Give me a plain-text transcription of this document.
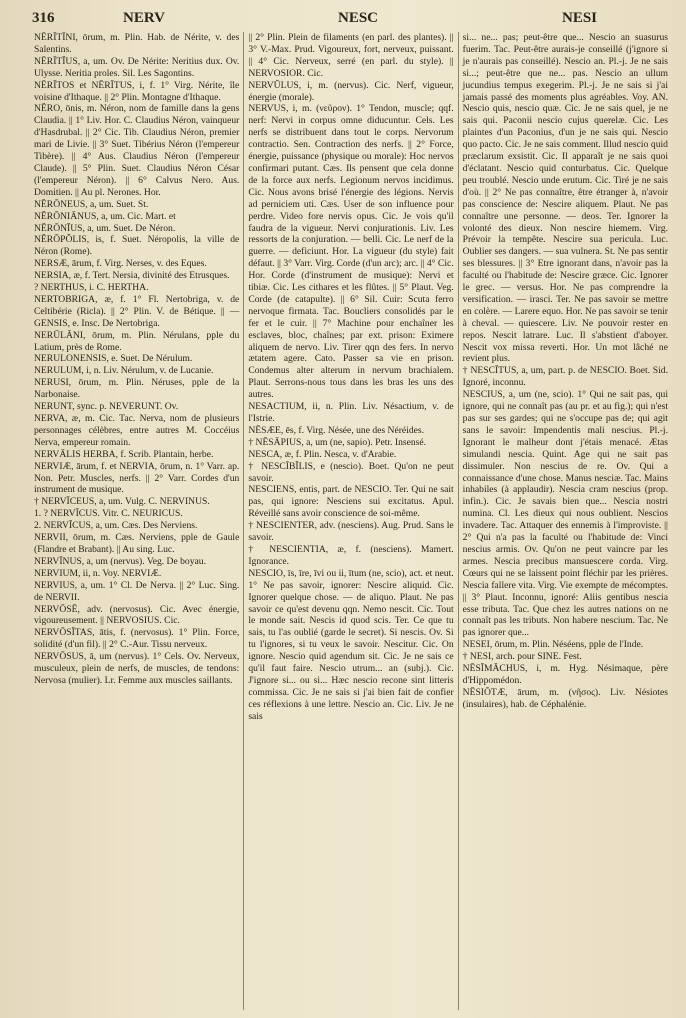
316	NERV	NESC	NESI

NĒRĪTĪNI, ōrum, m. Plin. Hab. de Nérite, v. des Salentins.

NĒRĪTĬUS, a, um. Ov. De Nérite: Neritius dux. Ov. Ulysse. Neritia proles. Sil. Les Sagontins.

NĒRĪTOS et NĒRĪTUS, i, f. 1° Virg. Nérite, île voisine d'Ithaque. || 2° Plin. Montagne d'Ithaque.

NĔRO, ōnis, m. Néron, nom de famille dans la gens Claudia. || 1° Liv. Hor. C. Claudius Néron, vainqueur d'Hasdrubal. || 2° Cic. Tib. Claudius Néron, premier mari de Livie. || 3° Suet. Tibérius Néron (l'empereur Tibère). || 4° Aus. Claudius Néron (l'empereur Claude). || 5° Plin. Suet. Claudius Néron César (l'empereur Néron). || 6° Calvus Nero. Aus. Domitien. || Au pl. Nerones. Hor.

NĔRŌNEUS, a, um. Suet. St.

NĔRŌNIĀNUS, a, um. Cic. Mart. et

NĔRŌNĬUS, a, um. Suet. De Néron.

NĔRŌPŎLIS, is, f. Suet. Néropolis, la ville de Néron (Rome).

NERSÆ, ārum, f. Virg. Nerses, v. des Eques.

NERSIA, æ, f. Tert. Nersia, divinité des Etrusques.

? NERTHUS, i. C. HERTHA.

NERTOBRIGA, æ, f. 1° Fl. Nertobriga, v. de Celtibérie (Ricla). || 2° Plin. V. de Bétique. || — GENSIS, e. Insc. De Nertobriga.

NERŪLĀNI, ōrum, m. Plin. Nérulans, pple du Latium, près de Rome.

NERULONENSIS, e. Suet. De Nérulum.

NERULUM, i, n. Liv. Nérulum, v. de Lucanie.

NERUSI, ōrum, m. Plin. Néruses, pple de la Narbonaise.

NERUNT, sync. p. NEVERUNT. Ov.

NERVA, æ, m. Cic. Tac. Nerva, nom de plusieurs personnages célèbres, entre autres M. Coccéius Nerva, empereur romain.

NERVĀLIS HERBA, f. Scrib. Plantain, herbe.

NERVIÆ, ārum, f. et NERVIA, ōrum, n. 1° Varr. ap. Non. Petr. Muscles, nerfs. || 2° Varr. Cordes d'un instrument de musique.

† NERVĪCEUS, a, um. Vulg. C. NERVINUS.

1. ? NERVĪCUS. Vitr. C. NEURICUS.

2. NERVĬCUS, a, um. Cæs. Des Nerviens.

NERVII, ōrum, m. Cæs. Nerviens, pple de Gaule (Flandre et Brabant). || Au sing. Luc.

NERVĪNUS, a, um (nervus). Veg. De boyau.

NERVIUM, ii, n. Voy. NERVIÆ.

NERVIUS, a, um. 1° Cl. De Nerva. || 2° Luc. Sing. de NERVII.

NERVŌSĒ, adv. (nervosus). Cic. Avec énergie, vigoureusement. || NERVOSIUS. Cic.

NERVŌSĬTAS, ātis, f. (nervosus). 1° Plin. Force, solidité (d'un fil). || 2° C.-Aur. Tissu nerveux.

NERVŌSUS, ā, um (nervus). 1° Cels. Ov. Nerveux, musculeux, plein de nerfs, de muscles, de tendons: Nervosa (mulier). Lr. Femme aux muscles saillants.

|| 2° Plin. Plein de filaments (en parl. des plantes). || 3° V.-Max. Prud. Vigoureux, fort, nerveux, puissant. || 4° Cic. Nerveux, serré (en parl. du style). || NERVOSIOR. Cic.

NERVŬLUS, i, m. (nervus). Cic. Nerf, vigueur, énergie (morale).

NERVUS, i, m. (νεῦρον). 1° Tendon, muscle; qqf. nerf: Nervi in corpus omne diducuntur. Cels. Les nerfs se distribuent dans tout le corps. Nervorum contractio. Sen. Contraction des nerfs. || 2° Force, énergie, puissance (physique ou morale): Hoc nervos confirmari putant. Cæs. Ils pensent que cela donne de la force aux nerfs. Legionum nervos incidimus. Cic. Nous avons brisé l'énergie des légions. Nervis ad perniciem uti. Cæs. User de son influence pour perdre. Video fore nervis opus. Cic. Je vois qu'il faudra de la vigueur. Nervi conjurationis. Liv. Les ressorts de la conjuration. — belli. Cic. Le nerf de la guerre. — deficiunt. Hor. La vigueur (du style) fait défaut. || 3° Varr. Virg. Corde (d'un arc); arc. || 4° Cic. Hor. Corde (d'instrument de musique): Nervi et tibiæ. Cic. Les cithares et les flûtes. || 5° Plaut. Veg. Corde (de catapulte). || 6° Sil. Cuir: Scuta ferro nervoque firmata. Tac. Boucliers consolidés par le fer et le cuir. || 7° Machine pour enchaîner les esclaves, bloc, chaînes; par ext. prison: Eximere aliquem de nervo. Liv. Tirer qqn des fers. In nervo ætatem agere. Cato. Passer sa vie en prison. Condemus alter alterum in nervum brachialem. Plaut. Serrons-nous tous dans les bras les uns des autres.

NESACTIUM, ii, n. Plin. Liv. Nésactium, v. de l'Istrie.

NĒSÆE, ēs, f. Virg. Nésée, une des Néréides.

† NĒSĀPIUS, a, um (ne, sapio). Petr. Insensé.

NESCA, æ, f. Plin. Nesca, v. d'Arabie.

† NESCĪBĬLIS, e (nescio). Boet. Qu'on ne peut savoir.

NESCIENS, entis, part. de NESCIO. Ter. Qui ne sait pas, qui ignore: Nesciens sui excitatus. Apul. Réveillé sans avoir conscience de soi-même.

† NESCIENTER, adv. (nesciens). Aug. Prud. Sans le savoir.

† NESCIENTIA, æ, f. (nesciens). Mamert. Ignorance.

NESCIO, īs, īre, īvi ou ii, ītum (ne, scio), act. et neut. 1° Ne pas savoir, ignorer: Nescire aliquid. Cic. Ignorer quelque chose. — de aliquo. Plaut. Ne pas savoir ce qu'est devenu qqn. Nemo nescit. Cic. Tout le monde sait. Nescis id quod scis. Ter. Ce que tu sais, tu l'as oublié (garde le secret). Si nescis. Ov. Si tu l'ignores, si tu veux le savoir. Nescitur. Cic. On ignore. Nescio quid agendum sit. Cic. Je ne sais ce qu'il faut faire. Nescio utrum... an (subj.). Cic. J'ignore si... ou si... Hæc nescio recone sint litteris commissa. Cic. Je ne sais si j'ai bien fait de confier ces réflexions à une lettre. Nescio an. Cic. Liv. Je ne sais

si... ne... pas; peut-être que... Nescio an suasurus fuerim. Tac. Peut-être aurais-je conseillé (j'ignore si je n'aurais pas conseillé). Nescio an. Pl.-j. Je ne sais si...; peut-être que ne... pas. Nescio an ullum jucundius tempus exegerim. Pl.-j. Je ne sais si j'ai jamais passé des moments plus agréables. Voy. AN. Nescio quis, nescio quæ. Cic. Je ne sais quel, je ne sais qui. Paconii nescio cujus querelæ. Cic. Les plaintes d'un Paconius, d'un je ne sais qui. Nescio quo pacto. Cic. Je ne sais comment. Illud nescio quid præclarum exsistit. Cic. Il apparaît je ne sais quoi d'éclatant. Nescio quid conturbatus. Cic. Quelque peu troublé. Nescio unde erutum. Cic. Tiré je ne sais d'où. || 2° Ne pas connaître, être étranger à, n'avoir pas conscience de: Nescire aliquem. Plaut. Ne pas connaître une personne. — deos. Ter. Ignorer la volonté des dieux. Non nescire hiemem. Virg. Prévoir la tempête. Nescire sua pericula. Luc. Oublier ses dangers. — sua vulnera. St. Ne pas sentir ses blessures. || 3° Etre ignorant dans, n'avoir pas la faculté ou l'habitude de: Nescire græce. Cic. Ignorer le grec. — versus. Hor. Ne pas comprendre la versification. — irasci. Ter. Ne pas savoir se mettre en colère. — Larere equo. Hor. Ne pas savoir se tenir à cheval. — quiescere. Liv. Ne pouvoir rester en repos. Nescit latrare. Luc. Il s'abstient d'aboyer. Nescit vox missa reverti. Hor. Un mot lâché ne revient plus.

† NESCĪTUS, a, um, part. p. de NESCIO. Boet. Sid. Ignoré, inconnu.

NESCIUS, a, um (ne, scio). 1° Qui ne sait pas, qui ignore, qui ne connaît pas (au pr. et au fig.); qui n'est pas sur ses gardes; qui ne s'occupe pas de; qui agit sans le savoir: Impendentis mali nescius. Pl.-j. Ignorant le malheur dont j'étais menacé. Ætas simulandi nescia. Quint. Age qui ne sait pas dissimuler. Non nescius de re. Ov. Qui a connaissance d'une chose. Manus nesciæ. Tac. Mains inhabiles (à applaudir). Nescia cram nescius (prop. infin.). Cic. Je savais bien que... Nescia nostri numina. Cl. Les dieux qui nous oublient. Nescios invadere. Tac. Attaquer des ennemis à l'improviste. || 2° Qui n'a pas la faculté ou l'habitude de: Vinci nescius armis. Ov. Qu'on ne peut vaincre par les armes. Nescia precibus mansuescere corda. Virg. Cœurs qui ne se laissent point fléchir par les prières. Nescia fallere vita. Virg. Vie exempte de mécomptes. || 3° Plaut. Inconnu, ignoré: Aliis gentibus nescia esse tributa. Tac. Que chez les autres nations on ne connaît pas les tributs. Non habere nescium. Tac. Ne pas ignorer que...

NESEI, ōrum, m. Plin. Néséens, pple de l'Inde.

† NESI, arch. pour SINE. Fest.

NĒSĬMĂCHUS, i, m. Hyg. Nésimaque, père d'Hippomédon.

NĒSIŌTÆ, ārum, m. (νῆσος). Liv. Nésiotes (insulaires), hab. de Céphalénie.
